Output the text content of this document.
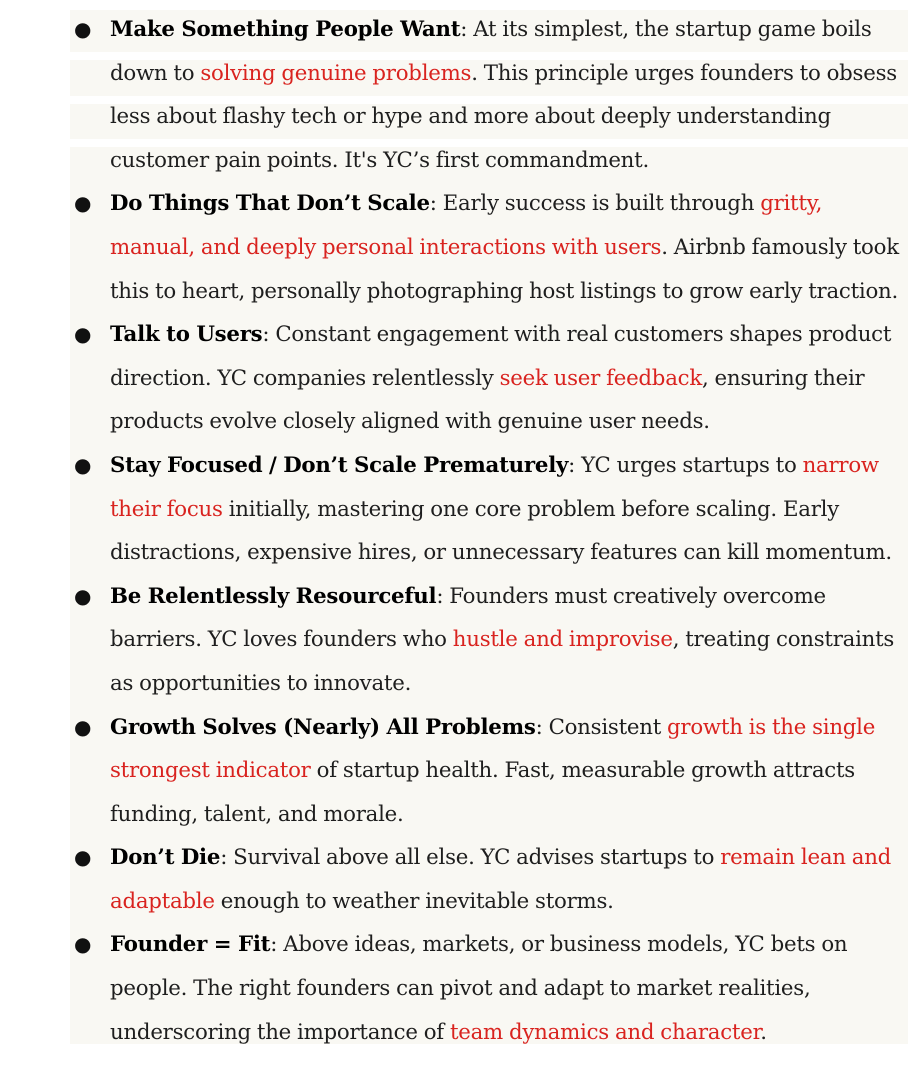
● Make Something People Want: At its simplest, the startup game boils down to solving genuine problems. This principle urges founders to obsess less about flashy tech or hype and more about deeply understanding customer pain points. It's YC’s first commandment.
● Do Things That Don’t Scale: Early success is built through gritty, manual, and deeply personal interactions with users. Airbnb famously took this to heart, personally photographing host listings to grow early traction.
● Talk to Users: Constant engagement with real customers shapes product direction. YC companies relentlessly seek user feedback, ensuring their products evolve closely aligned with genuine user needs.
● Stay Focused / Don’t Scale Prematurely: YC urges startups to narrow their focus initially, mastering one core problem before scaling. Early distractions, expensive hires, or unnecessary features can kill momentum.
● Be Relentlessly Resourceful: Founders must creatively overcome barriers. YC loves founders who hustle and improvise, treating constraints as opportunities to innovate.
● Growth Solves (Nearly) All Problems: Consistent growth is the single strongest indicator of startup health. Fast, measurable growth attracts funding, talent, and morale.
● Don’t Die: Survival above all else. YC advises startups to remain lean and adaptable enough to weather inevitable storms.
● Founder = Fit: Above ideas, markets, or business models, YC bets on people. The right founders can pivot and adapt to market realities, underscoring the importance of team dynamics and character.
